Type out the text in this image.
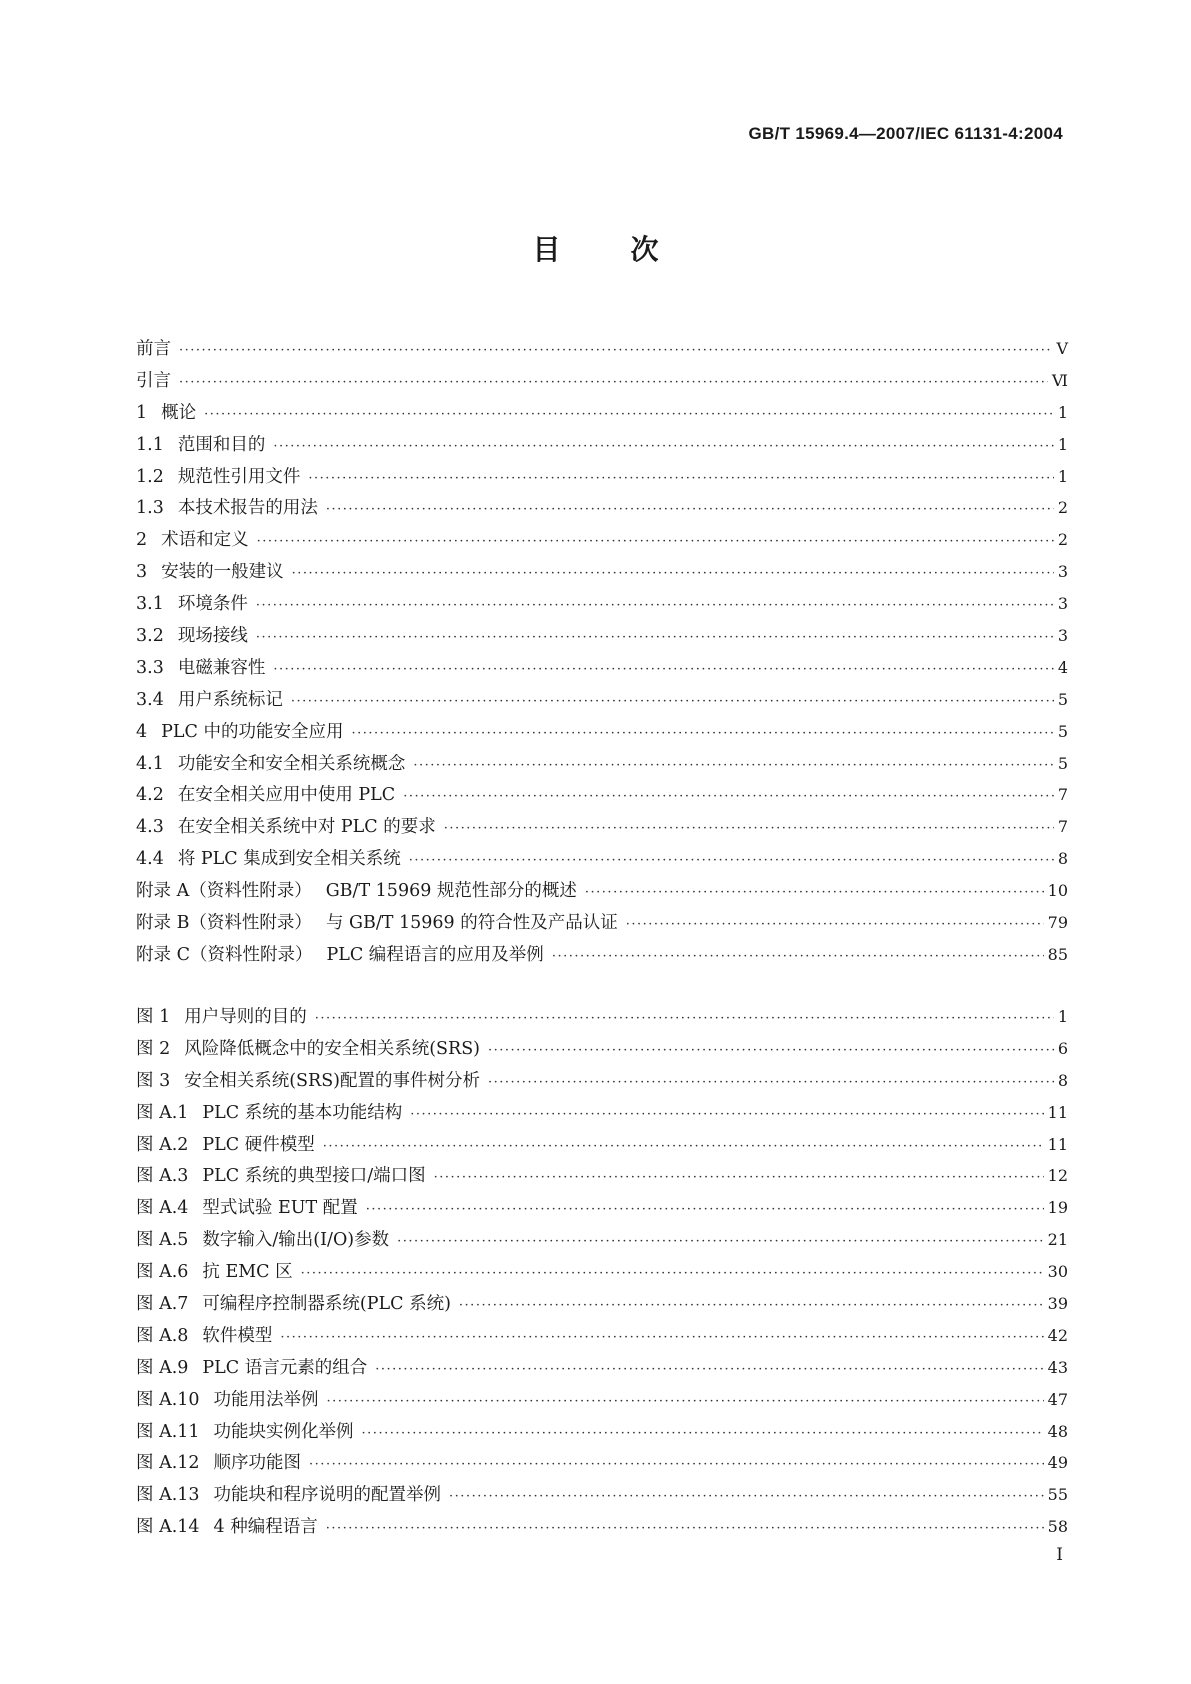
GB/T 15969.4—2007/IEC 61131-4:2004
目次
前言 ·····	Ⅴ
引言 ·····	Ⅵ
1 概论 ·····	1
1.1 范围和目的 ·····	1
1.2 规范性引用文件 ·····	1
1.3 本技术报告的用法 ·····	2
2 术语和定义 ·····	2
3 安装的一般建议 ·····	3
3.1 环境条件 ·····	3
3.2 现场接线 ·····	3
3.3 电磁兼容性 ·····	4
3.4 用户系统标记 ·····	5
4 PLC 中的功能安全应用 ·····	5
4.1 功能安全和安全相关系统概念 ·····	5
4.2 在安全相关应用中使用 PLC ·····	7
4.3 在安全相关系统中对 PLC 的要求 ·····	7
4.4 将 PLC 集成到安全相关系统 ·····	8
附录 A（资料性附录） GB/T 15969 规范性部分的概述 ·····	10
附录 B（资料性附录） 与 GB/T 15969 的符合性及产品认证 ·····	79
附录 C（资料性附录） PLC 编程语言的应用及举例 ·····	85
图 1 用户导则的目的 ·····	1
图 2 风险降低概念中的安全相关系统(SRS) ·····	6
图 3 安全相关系统(SRS)配置的事件树分析 ·····	8
图 A.1 PLC 系统的基本功能结构 ·····	11
图 A.2 PLC 硬件模型 ·····	11
图 A.3 PLC 系统的典型接口/端口图 ·····	12
图 A.4 型式试验 EUT 配置 ·····	19
图 A.5 数字输入/输出(I/O)参数 ·····	21
图 A.6 抗 EMC 区 ·····	30
图 A.7 可编程序控制器系统(PLC 系统) ·····	39
图 A.8 软件模型 ·····	42
图 A.9 PLC 语言元素的组合 ·····	43
图 A.10 功能用法举例 ·····	47
图 A.11 功能块实例化举例 ·····	48
图 A.12 顺序功能图 ·····	49
图 A.13 功能块和程序说明的配置举例 ·····	55
图 A.14 4 种编程语言 ·····	58
I
